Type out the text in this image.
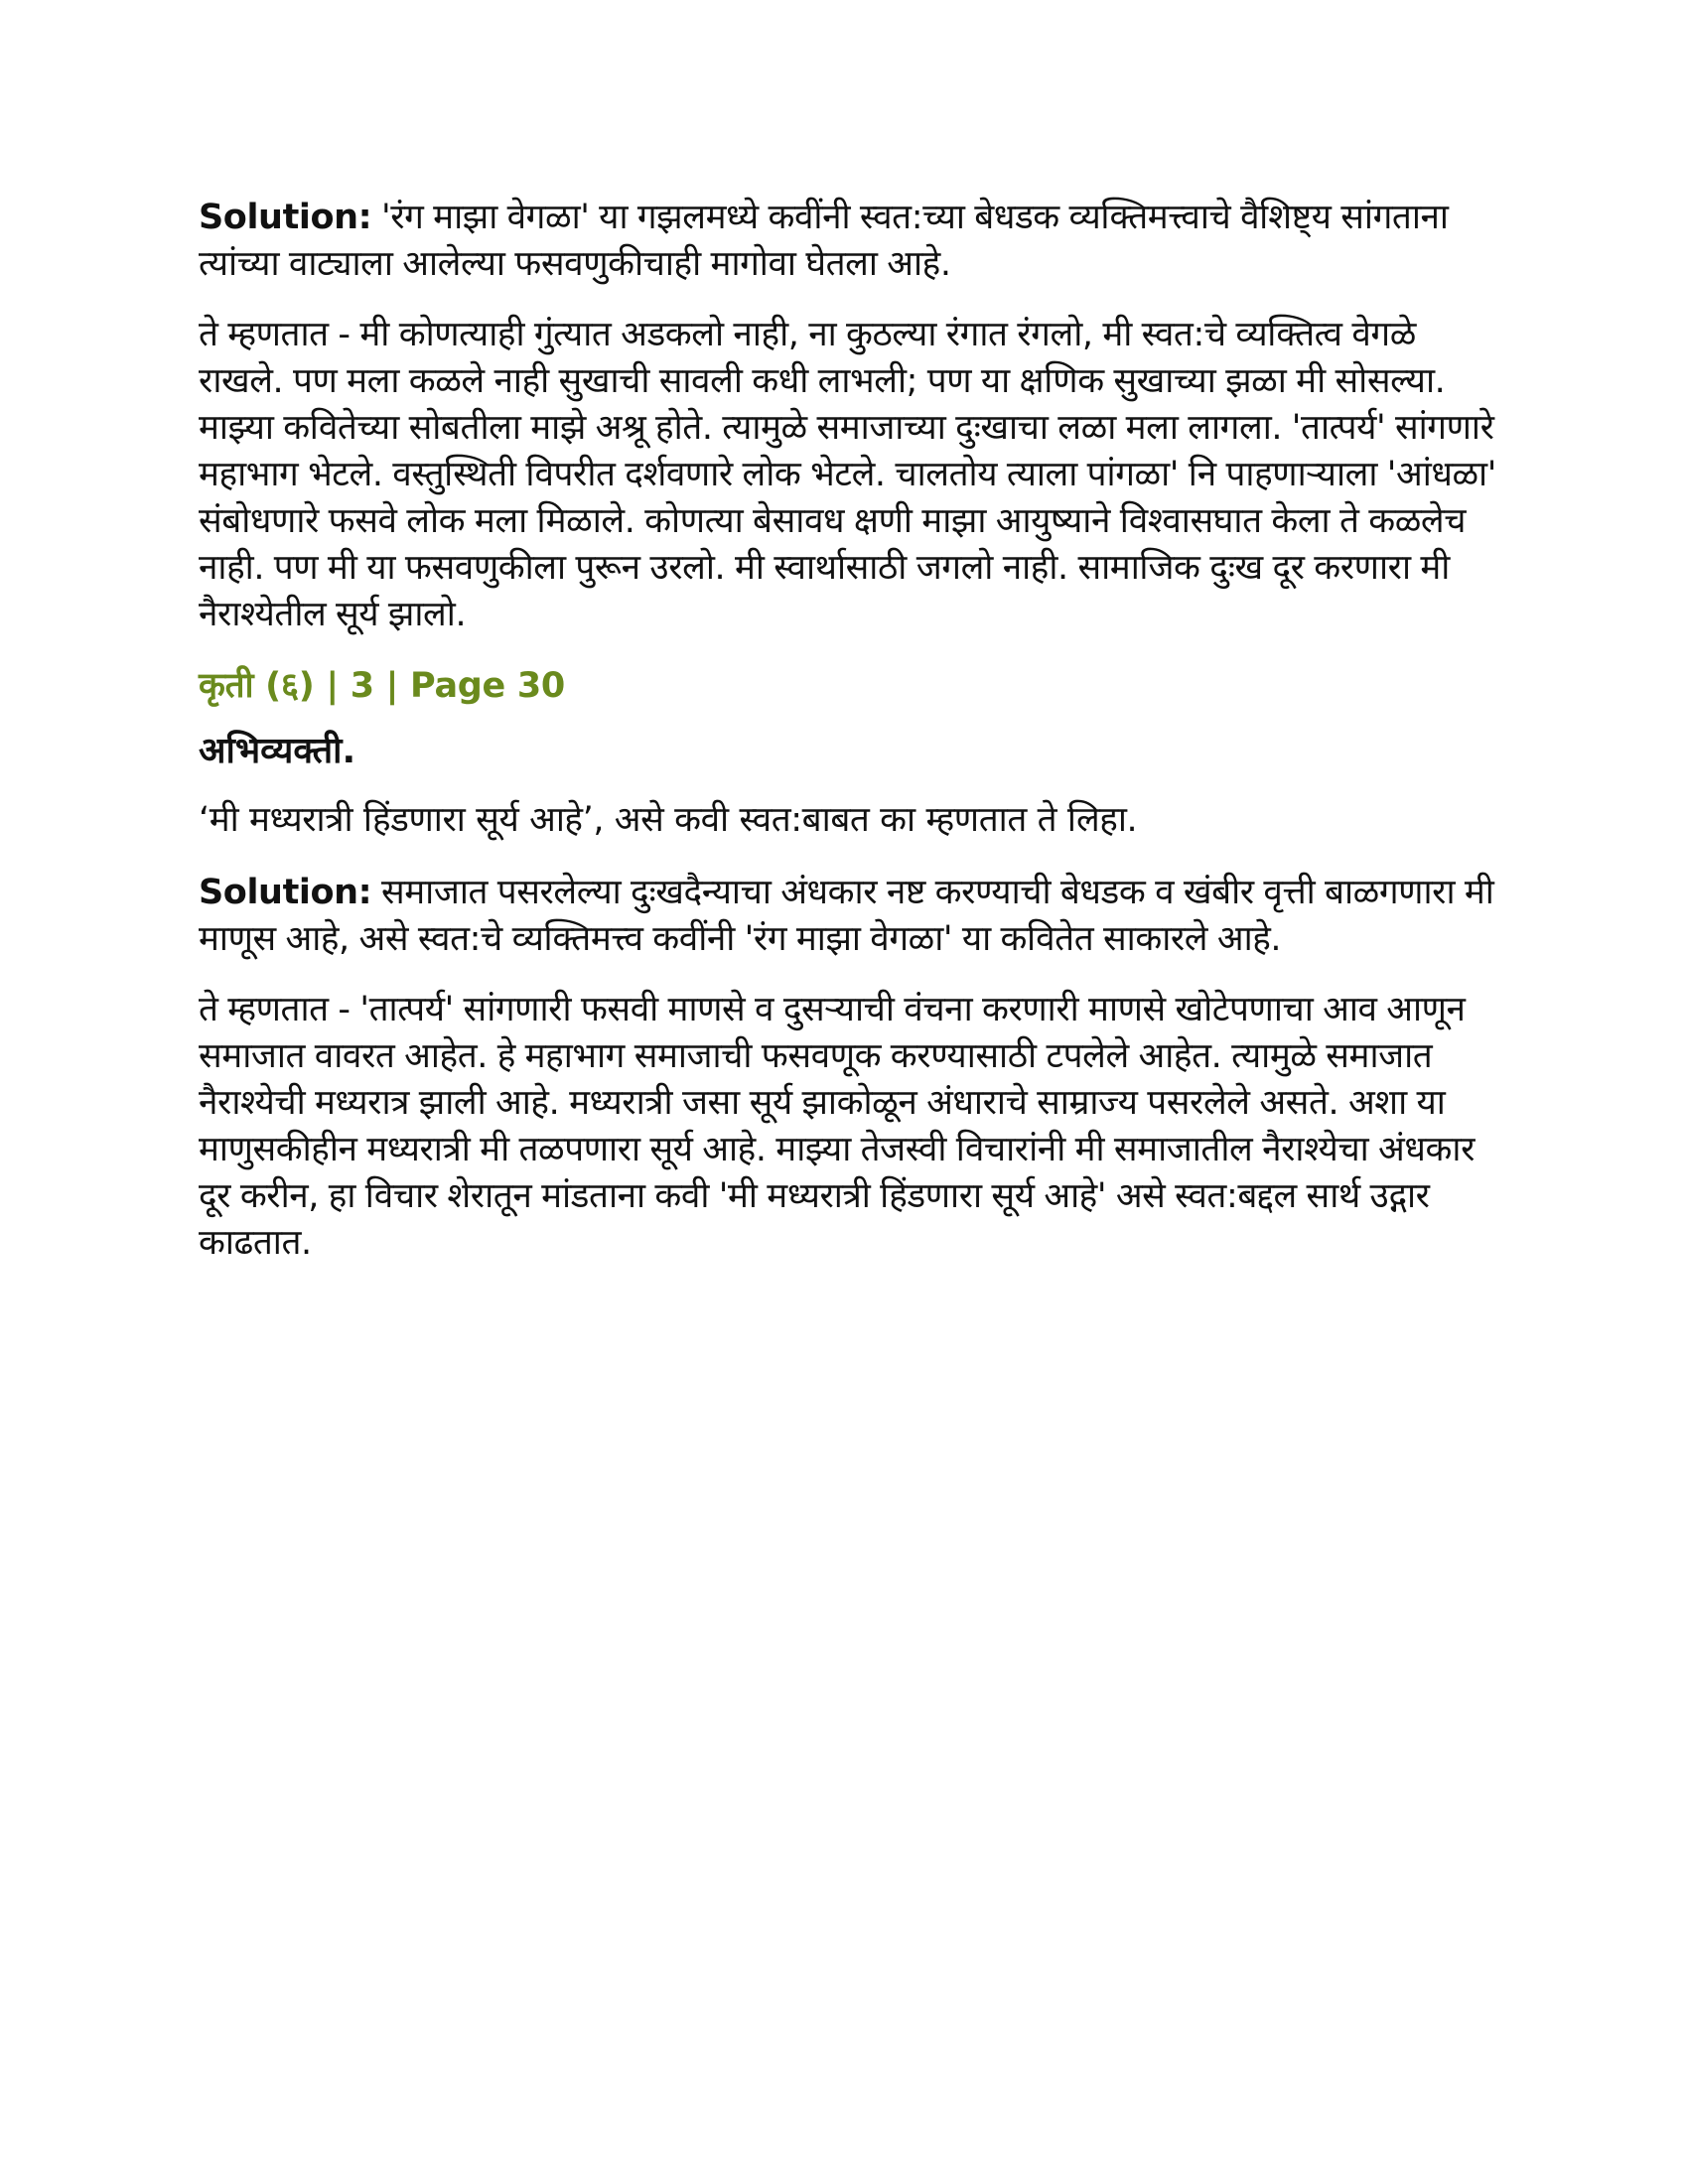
Solution: 'रंग माझा वेगळा' या गझलमध्ये कवींनी स्वत:च्या बेधडक व्यक्तिमत्त्वाचे वैशिष्ट्य सांगताना त्यांच्या वाट्याला आलेल्या फसवणुकीचाही मागोवा घेतला आहे.

ते म्हणतात - मी कोणत्याही गुंत्यात अडकलो नाही, ना कुठल्या रंगात रंगलो, मी स्वत:चे व्यक्तित्व वेगळे राखले. पण मला कळले नाही सुखाची सावली कधी लाभली; पण या क्षणिक सुखाच्या झळा मी सोसल्या. माझ्या कवितेच्या सोबतीला माझे अश्रू होते. त्यामुळे समाजाच्या दुःखाचा लळा मला लागला. 'तात्पर्य' सांगणारे महाभाग भेटले. वस्तुस्थिती विपरीत दर्शवणारे लोक भेटले. चालतोय त्याला पांगळा' नि पाहणाऱ्याला 'आंधळा' संबोधणारे फसवे लोक मला मिळाले. कोणत्या बेसावध क्षणी माझा आयुष्याने विश्वासघात केला ते कळलेच नाही. पण मी या फसवणुकीला पुरून उरलो. मी स्वार्थासाठी जगलो नाही. सामाजिक दुःख दूर करणारा मी नैराश्येतील सूर्य झालो.

कृती (६) | 3 | Page 30
अभिव्यक्ती.

‘मी मध्यरात्री हिंडणारा सूर्य आहे’, असे कवी स्वत:बाबत का म्हणतात ते लिहा.

Solution: समाजात पसरलेल्या दुःखदैन्याचा अंधकार नष्ट करण्याची बेधडक व खंबीर वृत्ती बाळगणारा मी माणूस आहे, असे स्वत:चे व्यक्तिमत्त्व कवींनी 'रंग माझा वेगळा' या कवितेत साकारले आहे.

ते म्हणतात - 'तात्पर्य' सांगणारी फसवी माणसे व दुसऱ्याची वंचना करणारी माणसे खोटेपणाचा आव आणून समाजात वावरत आहेत. हे महाभाग समाजाची फसवणूक करण्यासाठी टपलेले आहेत. त्यामुळे समाजात नैराश्येची मध्यरात्र झाली आहे. मध्यरात्री जसा सूर्य झाकोळून अंधाराचे साम्राज्य पसरलेले असते. अशा या माणुसकीहीन मध्यरात्री मी तळपणारा सूर्य आहे. माझ्या तेजस्वी विचारांनी मी समाजातील नैराश्येचा अंधकार दूर करीन, हा विचार शेरातून मांडताना कवी 'मी मध्यरात्री हिंडणारा सूर्य आहे' असे स्वत:बद्दल सार्थ उद्गार काढतात.
